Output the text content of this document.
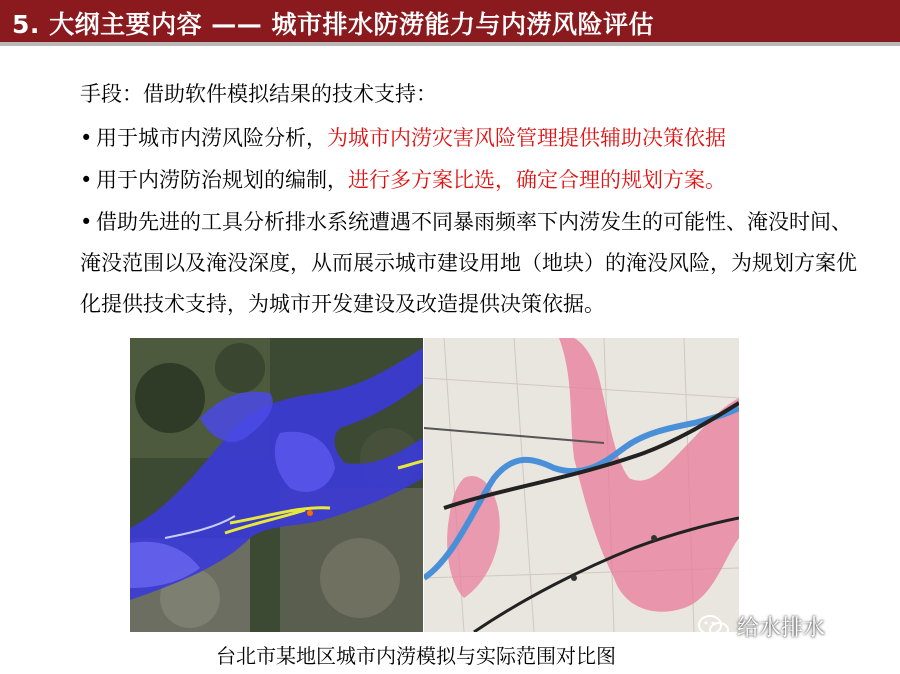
5. 大纲主要内容 —— 城市排水防涝能力与内涝风险评估
手段：借助软件模拟结果的技术支持：
• 用于城市内涝风险分析，为城市内涝灾害风险管理提供辅助决策依据
• 用于内涝防治规划的编制，进行多方案比选，确定合理的规划方案。
• 借助先进的工具分析排水系统遭遇不同暴雨频率下内涝发生的可能性、淹没时间、淹没范围以及淹没深度，从而展示城市建设用地（地块）的淹没风险，为规划方案优化提供技术支持，为城市开发建设及改造提供决策依据。
台北市某地区城市内涝模拟与实际范围对比图
给水排水
